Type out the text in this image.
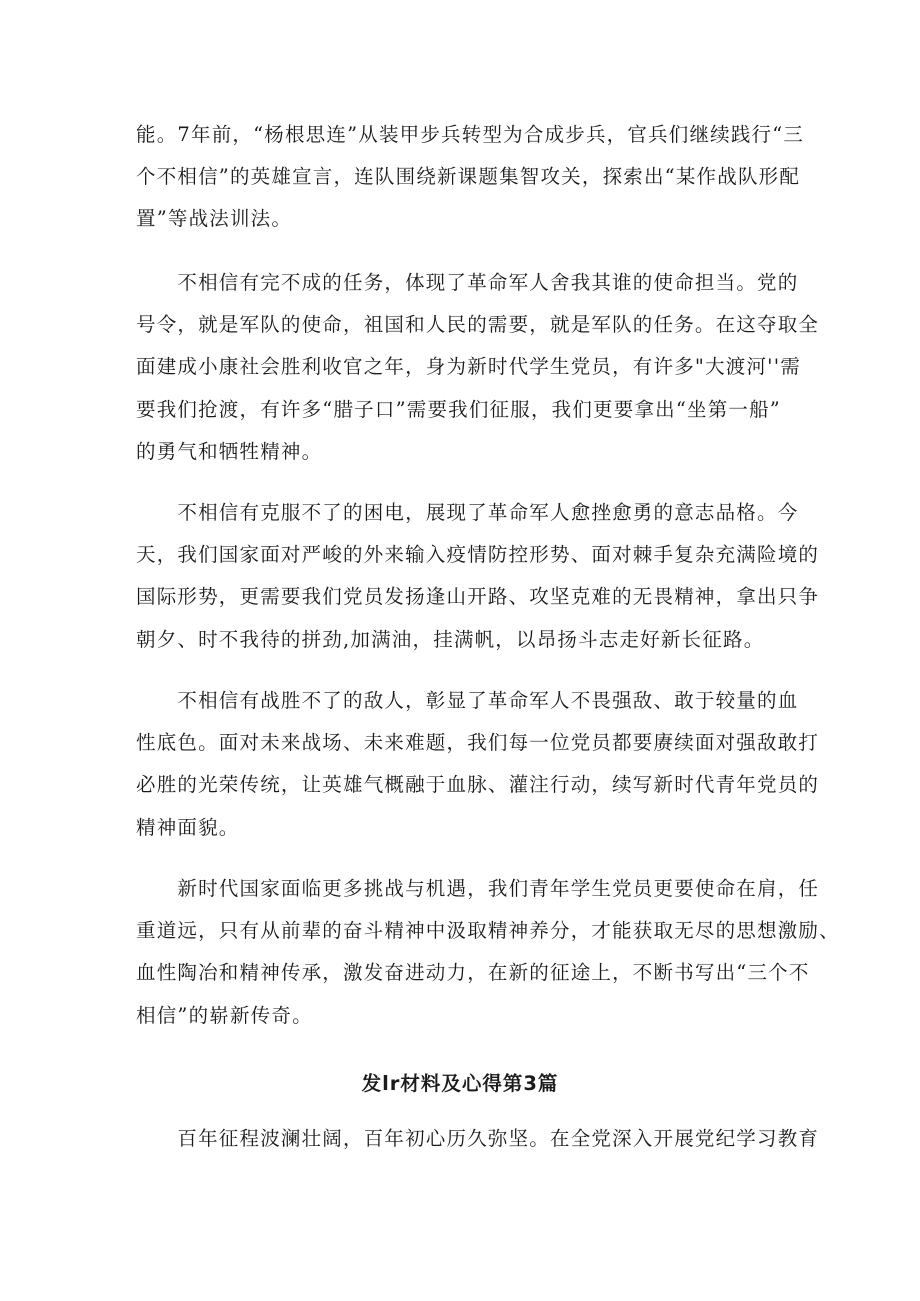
能。7年前，“杨根思连”从装甲步兵转型为合成步兵，官兵们继续践行“三
个不相信”的英雄宣言，连队围绕新课题集智攻关，探索出“某作战队形配
置”等战法训法。

　　不相信有完不成的任务，体现了革命军人舍我其谁的使命担当。党的
号令，就是军队的使命，祖国和人民的需要，就是军队的任务。在这夺取全
面建成小康社会胜利收官之年，身为新时代学生党员，有许多"大渡河''需
要我们抢渡，有许多“腊子口”需要我们征服，我们更要拿出“坐第一船”
的勇气和牺牲精神。

　　不相信有克服不了的困电，展现了革命军人愈挫愈勇的意志品格。今
天，我们国家面对严峻的外来输入疫情防控形势、面对棘手复杂充满险境的
国际形势，更需要我们党员发扬逢山开路、攻坚克难的无畏精神，拿出只争
朝夕、时不我待的拼劲,加满油，挂满帆，以昂扬斗志走好新长征路。

　　不相信有战胜不了的敌人，彰显了革命军人不畏强敌、敢于较量的血
性底色。面对未来战场、未来难题，我们每一位党员都要赓续面对强敌敢打
必胜的光荣传统，让英雄气概融于血脉、灌注行动，续写新时代青年党员的
精神面貌。

　　新时代国家面临更多挑战与机遇，我们青年学生党员更要使命在肩，任
重道远，只有从前辈的奋斗精神中汲取精神养分，才能获取无尽的思想激励、
血性陶冶和精神传承，激发奋进动力，在新的征途上，不断书写出“三个不
相信”的崭新传奇。

发lr材料及心得第3篇

　　百年征程波澜壮阔，百年初心历久弥坚。在全党深入开展党纪学习教育
